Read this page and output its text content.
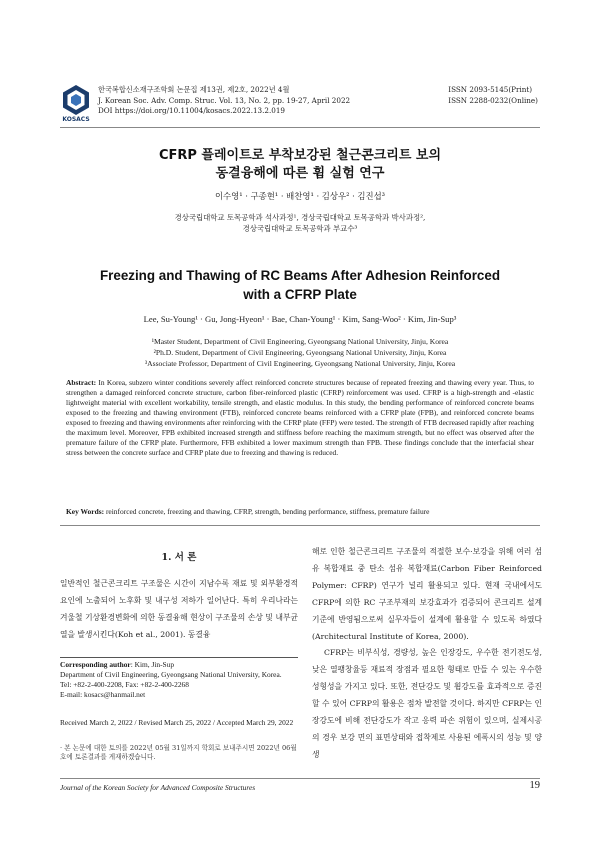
KOSACS
한국복합신소재구조학회 논문집 제13권, 제2호, 2022년 4월
J. Korean Soc. Adv. Comp. Struc. Vol. 13, No. 2, pp. 19-27, April 2022
DOI https://doi.org/10.11004/kosacs.2022.13.2.019
ISSN 2093-5145(Print)
ISSN 2288-0232(Online)
CFRP 플레이트로 부착보강된 철근콘크리트 보의
동결융해에 따른 휨 실험 연구
이수영¹ · 구종현¹ · 배찬영¹ · 김상우² · 김진섭³
경상국립대학교 토목공학과 석사과정¹, 경상국립대학교 토목공학과 박사과정²,
경상국립대학교 토목공학과 부교수³
Freezing and Thawing of RC Beams After Adhesion Reinforced
with a CFRP Plate
Lee, Su-Young¹ · Gu, Jong-Hyeon¹ · Bae, Chan-Young¹ · Kim, Sang-Woo² · Kim, Jin-Sup³
¹Master Student, Department of Civil Engineering, Gyeongsang National University, Jinju, Korea
²Ph.D. Student, Department of Civil Engineering, Gyeongsang National University, Jinju, Korea
³Associate Professor, Department of Civil Engineering, Gyeongsang National University, Jinju, Korea
Abstract: In Korea, subzero winter conditions severely affect reinforced concrete structures because of repeated freezing and thawing every year. Thus, to strengthen a damaged reinforced concrete structure, carbon fiber-reinforced plastic (CFRP) reinforcement was used. CFRP is a high-strength and -elastic lightweight material with excellent workability, tensile strength, and elastic modulus. In this study, the bending performance of reinforced concrete beams exposed to the freezing and thawing environment (FTB), reinforced concrete beams reinforced with a CFRP plate (FPB), and reinforced concrete beams exposed to freezing and thawing environments after reinforcing with the CFRP plate (FFP) were tested. The strength of FTB decreased rapidly after reaching the maximum level. Moreover, FPB exhibited increased strength and stiffness before reaching the maximum strength, but no effect was observed after the premature failure of the CFRP plate. Furthermore, FFB exhibited a lower maximum strength than FPB. These findings conclude that the interfacial shear stress between the concrete surface and CFRP plate due to freezing and thawing is reduced.
Key Words: reinforced concrete, freezing and thawing, CFRP, strength, bending performance, stiffness, premature failure
1. 서 론
일반적인 철근콘크리트 구조물은 시간이 지남수록 재료 및 외부환경적 요인에 노출되어 노후화 및 내구성 저하가 일어난다. 특히 우리나라는 겨울철 기상환경변화에 의한 동결융해 현상이 구조물의 손상 및 내부균열을 발생시킨다(Koh et al., 2001). 동결융
Corresponding author: Kim, Jin-Sup
Department of Civil Engineering, Gyeongsang National University, Korea.
Tel: +82-2-400-2208, Fax: +82-2-400-2268
E-mail: kosacs@hanmail.net
Received March 2, 2022 / Revised March 25, 2022 / Accepted March 29, 2022
· 본 논문에 대한 토의를 2022년 05월 31일까지 학회로 보내주시면 2022년 06월호에 토론결과를 게재하겠습니다.

해로 인한 철근콘크리트 구조물의 적절한 보수·보강을 위해 여러 섬유 복합재료 중 탄소 섬유 복합재료(Carbon Fiber Reinforced Polymer: CFRP) 연구가 널리 활용되고 있다. 현재 국내에서도 CFRP에 의한 RC 구조부재의 보강효과가 검증되어 콘크리트 설계기준에 반영됨으로써 실무자들이 설계에 활용할 수 있도록 하였다(Architectural Institute of Korea, 2000).

CFRP는 비부식성, 경량성, 높은 인장강도, 우수한 전기전도성, 낮은 열팽창율등 재료적 장점과 필요한 형태로 만들 수 있는 우수한 성형성을 가지고 있다. 또한, 전단강도 및 휨강도를 효과적으로 증진할 수 있어 CFRP의 활용은 점차 발전할 것이다. 하지만 CFRP는 인장강도에 비해 전단강도가 작고 응력 파손 위험이 있으며, 실제시공의 경우 보강 면의 표면상태와 접착제로 사용된 에폭시의 성능 및 양생

Journal of the Korean Society for Advanced Composite Structures	19
